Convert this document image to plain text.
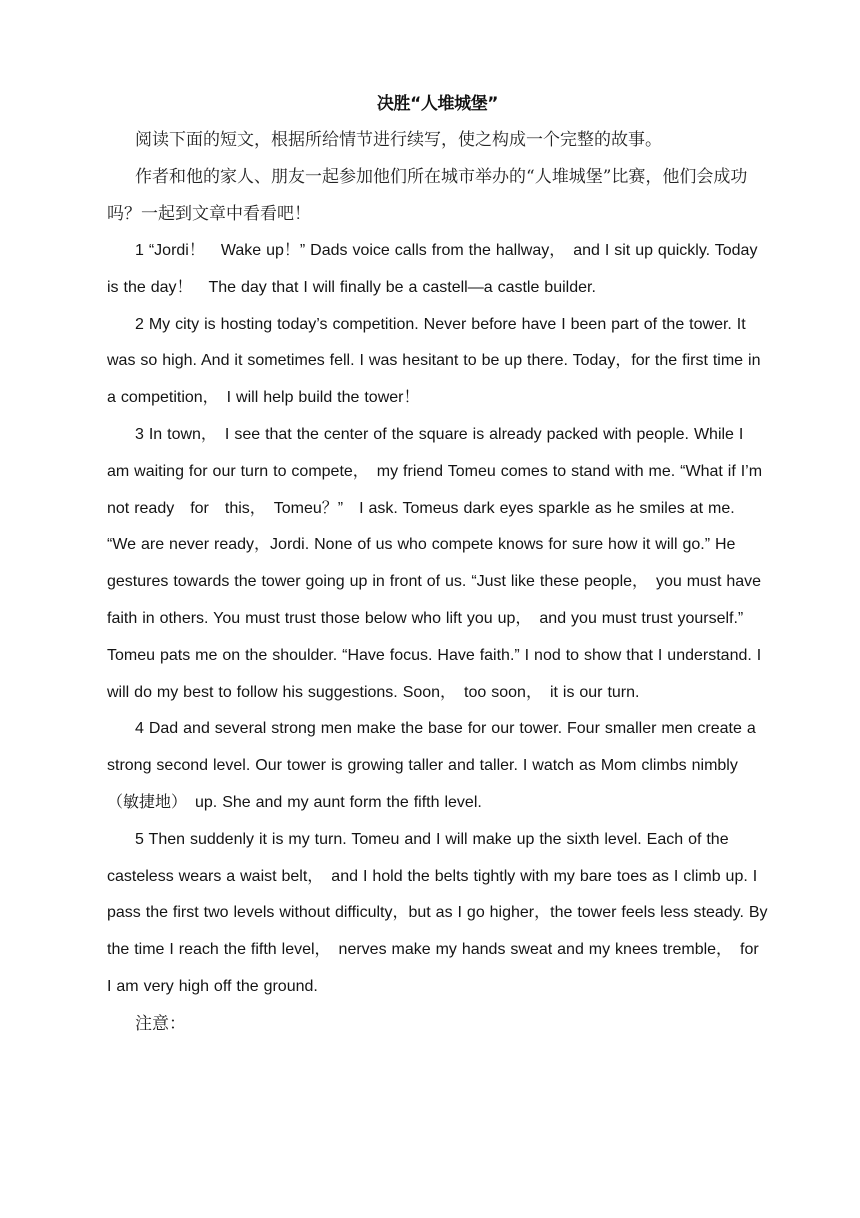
决胜“人堆城堡”

阅读下面的短文，根据所给情节进行续写，使之构成一个完整的故事。

作者和他的家人、朋友一起参加他们所在城市举办的“人堆城堡”比赛，他们会成功吗？一起到文章中看看吧！

1 “Jordi！　Wake up！” Dads voice calls from the hallway，　and I sit up quickly. Today is the day！　The day that I will finally be a castell—a castle builder.

2 My city is hosting today’s competition. Never before have I been part of the tower. It was so high. And it sometimes fell. I was hesitant to be up there. Today，for the first time in a competition，　I will help build the tower！

3 In town，　I see that the center of the square is already packed with people. While I am waiting for our turn to compete，　my friend Tomeu comes to stand with me. “What if I’m not ready　for　this，　Tomeu？”　I ask. Tomeus dark eyes sparkle as he smiles at me. “We are never ready，Jordi. None of us who compete knows for sure how it will go.” He gestures towards the tower going up in front of us. “Just like these people，　you must have faith in others. You must trust those below who lift you up，　and you must trust yourself.” Tomeu pats me on the shoulder. “Have focus. Have faith.” I nod to show that I understand. I will do my best to follow his suggestions. Soon，　too soon，　it is our turn.

4 Dad and several strong men make the base for our tower. Four smaller men create a strong second level. Our tower is growing taller and taller. I watch as Mom climbs nimbly （敏捷地）　up. She and my aunt form the fifth level.

5 Then suddenly it is my turn. Tomeu and I will make up the sixth level. Each of the casteless wears a waist belt，　and I hold the belts tightly with my bare toes as I climb up. I pass the first two levels without difficulty，but as I go higher，the tower feels less steady. By the time I reach the fifth level，　nerves make my hands sweat and my knees tremble，　for I am very high off the ground.

注意：
